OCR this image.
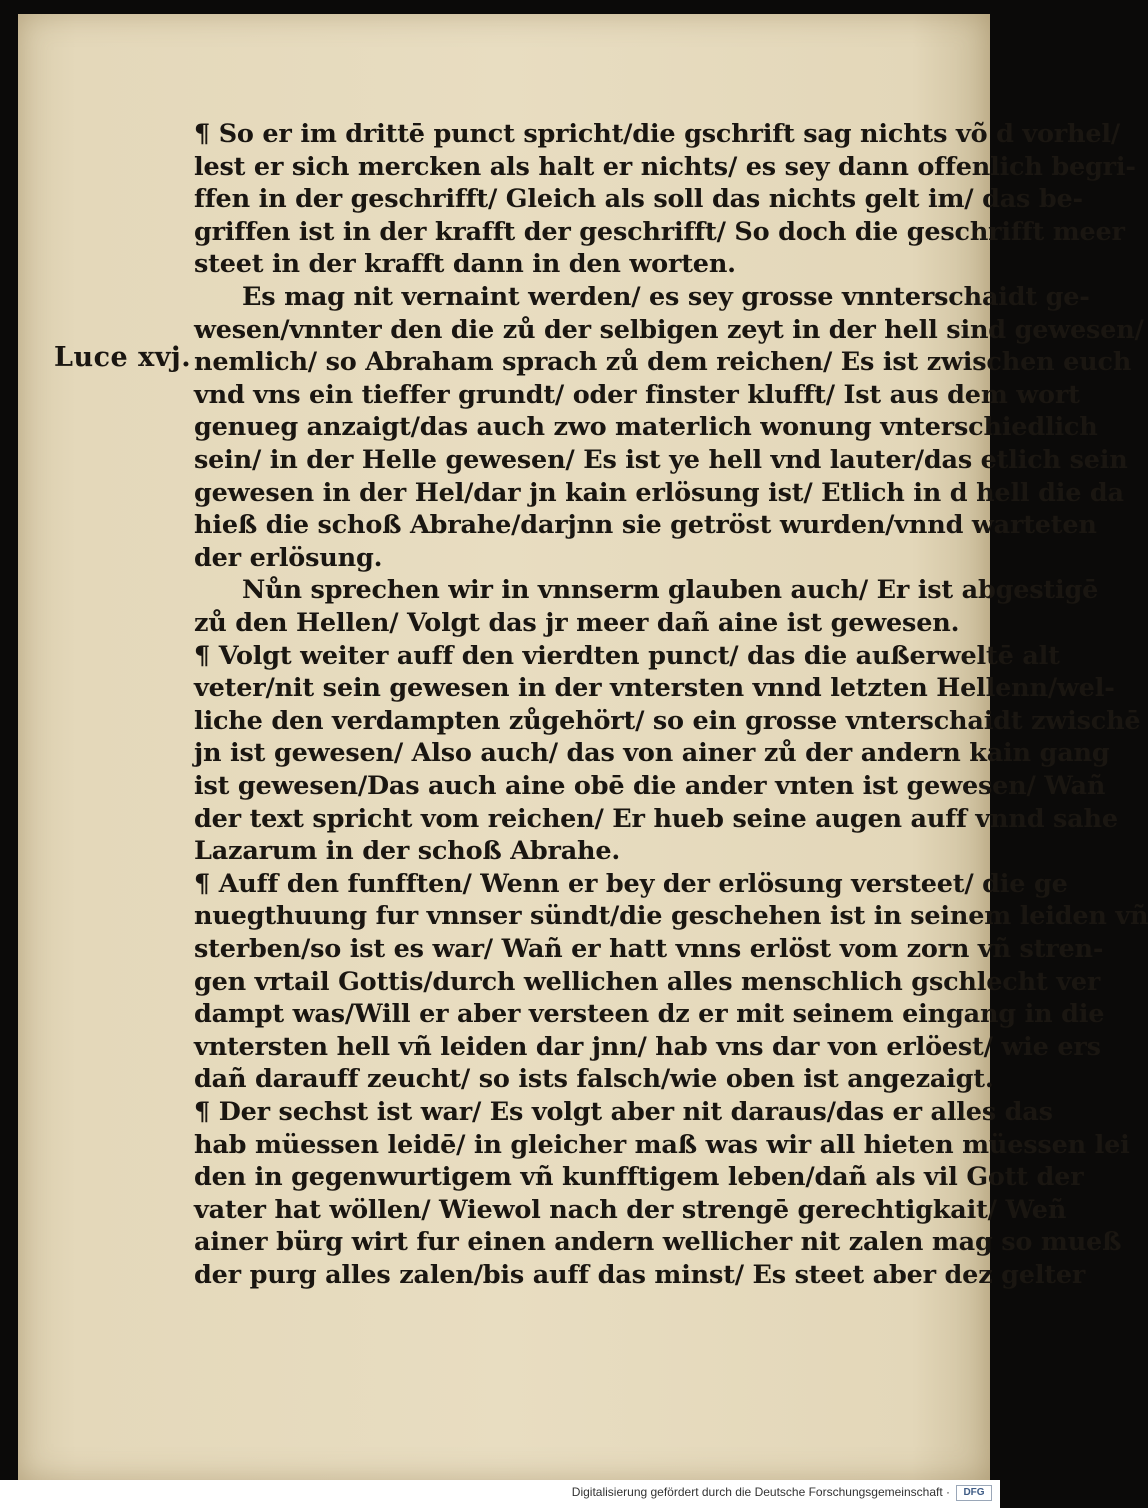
Luce xvj.
¶ So er im drittē punct spricht/die gschrift sag nichts võ d vorhel/
lest er sich mercken als halt er nichts/ es sey dann offenlich begri-
ffen in der geschrifft/ Gleich als soll das nichts gelt im/ das be-
griffen ist in der krafft der geschrifft/ So doch die geschrifft meer
steet in der krafft dann in den worten.
Es mag nit vernaint werden/ es sey grosse vnnterschaidt ge-
wesen/vnnter den die zů der selbigen zeyt in der hell sind gewesen/
nemlich/ so Abraham sprach zů dem reichen/ Es ist zwischen euch
vnd vns ein tieffer grundt/ oder finster klufft/ Ist aus dem wort
genueg anzaigt/das auch zwo materlich wonung vnterschiedlich
sein/ in der Helle gewesen/ Es ist ye hell vnd lauter/das etlich sein
gewesen in der Hel/dar jn kain erlösung ist/ Etlich in d hell die da
hieß die schoß Abrahe/darjnn sie getröst wurden/vnnd warteten
der erlösung.
Nůn sprechen wir in vnnserm glauben auch/ Er ist abgestigē
zů den Hellen/ Volgt das jr meer dañ aine ist gewesen.
¶ Volgt weiter auff den vierdten punct/ das die außerweltē alt
veter/nit sein gewesen in der vntersten vnnd letzten Hellenn/wel-
liche den verdampten zůgehört/ so ein grosse vnterschaidt zwischē
jn ist gewesen/ Also auch/ das von ainer zů der andern kain gang
ist gewesen/Das auch aine obē die ander vnten ist gewesen/ Wañ
der text spricht vom reichen/ Er hueb seine augen auff vnnd sahe
Lazarum in der schoß Abrahe.
¶ Auff den funfften/ Wenn er bey der erlösung versteet/ die ge
nuegthuung fur vnnser sündt/die geschehen ist in seinem leiden vñ
sterben/so ist es war/ Wañ er hatt vnns erlöst vom zorn vñ stren-
gen vrtail Gottis/durch wellichen alles menschlich gschlecht ver
dampt was/Will er aber versteen dz er mit seinem eingang in die
vntersten hell vñ leiden dar jnn/ hab vns dar von erlöest/ wie ers
dañ darauff zeucht/ so ists falsch/wie oben ist angezaigt.
¶ Der sechst ist war/ Es volgt aber nit daraus/das er alles das
hab müessen leidē/ in gleicher maß was wir all hieten müessen lei
den in gegenwurtigem vñ kunfftigem leben/dañ als vil Gott der
vater hat wöllen/ Wiewol nach der strengē gerechtigkait/ Weñ
ainer bürg wirt fur einen andern wellicher nit zalen mag so mueß
der purg alles zalen/bis auff das minst/ Es steet aber dez gelter
Digitalisierung gefördert durch die Deutsche Forschungsgemeinschaft ·	DFG
